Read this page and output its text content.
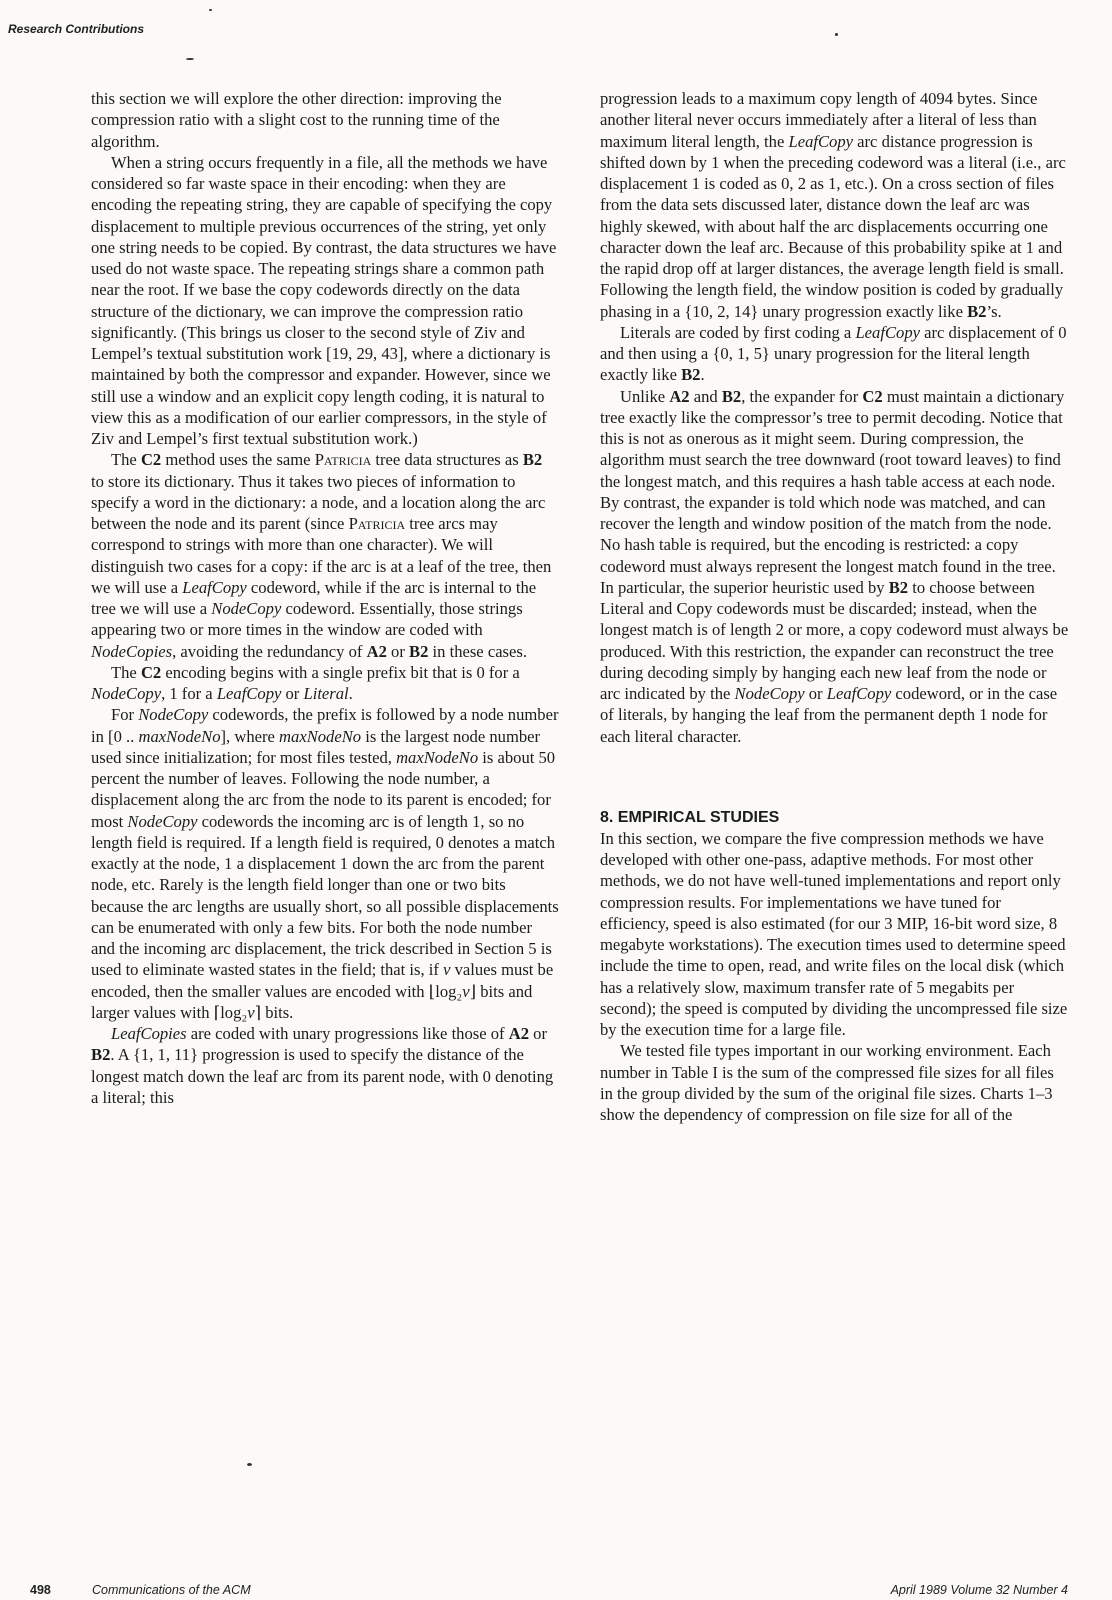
Research Contributions

this section we will explore the other direction: improving the compression ratio with a slight cost to the running time of the algorithm.

When a string occurs frequently in a file, all the methods we have considered so far waste space in their encoding: when they are encoding the repeating string, they are capable of specifying the copy displacement to multiple previous occurrences of the string, yet only one string needs to be copied. By contrast, the data structures we have used do not waste space. The repeating strings share a common path near the root. If we base the copy codewords directly on the data structure of the dictionary, we can improve the compression ratio significantly. (This brings us closer to the second style of Ziv and Lempel’s textual substitution work [19, 29, 43], where a dictionary is maintained by both the compressor and expander. However, since we still use a window and an explicit copy length coding, it is natural to view this as a modification of our earlier compressors, in the style of Ziv and Lempel’s first textual substitution work.)

The C2 method uses the same Patricia tree data structures as B2 to store its dictionary. Thus it takes two pieces of information to specify a word in the dictionary: a node, and a location along the arc between the node and its parent (since Patricia tree arcs may correspond to strings with more than one character). We will distinguish two cases for a copy: if the arc is at a leaf of the tree, then we will use a LeafCopy codeword, while if the arc is internal to the tree we will use a NodeCopy codeword. Essentially, those strings appearing two or more times in the window are coded with NodeCopies, avoiding the redundancy of A2 or B2 in these cases.

The C2 encoding begins with a single prefix bit that is 0 for a NodeCopy, 1 for a LeafCopy or Literal.

For NodeCopy codewords, the prefix is followed by a node number in [0 .. maxNodeNo], where maxNodeNo is the largest node number used since initialization; for most files tested, maxNodeNo is about 50 percent the number of leaves. Following the node number, a displacement along the arc from the node to its parent is encoded; for most NodeCopy codewords the incoming arc is of length 1, so no length field is required. If a length field is required, 0 denotes a match exactly at the node, 1 a displacement 1 down the arc from the parent node, etc. Rarely is the length field longer than one or two bits because the arc lengths are usually short, so all possible displacements can be enumerated with only a few bits. For both the node number and the incoming arc displacement, the trick described in Section 5 is used to eliminate wasted states in the field; that is, if v values must be encoded, then the smaller values are encoded with ⌊log₂v⌋ bits and larger values with ⌈log₂v⌉ bits.

LeafCopies are coded with unary progressions like those of A2 or B2. A {1, 1, 11} progression is used to specify the distance of the longest match down the leaf arc from its parent node, with 0 denoting a literal; this

progression leads to a maximum copy length of 4094 bytes. Since another literal never occurs immediately after a literal of less than maximum literal length, the LeafCopy arc distance progression is shifted down by 1 when the preceding codeword was a literal (i.e., arc displacement 1 is coded as 0, 2 as 1, etc.). On a cross section of files from the data sets discussed later, distance down the leaf arc was highly skewed, with about half the arc displacements occurring one character down the leaf arc. Because of this probability spike at 1 and the rapid drop off at larger distances, the average length field is small. Following the length field, the window position is coded by gradually phasing in a {10, 2, 14} unary progression exactly like B2’s.

Literals are coded by first coding a LeafCopy arc displacement of 0 and then using a {0, 1, 5} unary progression for the literal length exactly like B2.

Unlike A2 and B2, the expander for C2 must maintain a dictionary tree exactly like the compressor’s tree to permit decoding. Notice that this is not as onerous as it might seem. During compression, the algorithm must search the tree downward (root toward leaves) to find the longest match, and this requires a hash table access at each node. By contrast, the expander is told which node was matched, and can recover the length and window position of the match from the node. No hash table is required, but the encoding is restricted: a copy codeword must always represent the longest match found in the tree. In particular, the superior heuristic used by B2 to choose between Literal and Copy codewords must be discarded; instead, when the longest match is of length 2 or more, a copy codeword must always be produced. With this restriction, the expander can reconstruct the tree during decoding simply by hanging each new leaf from the node or arc indicated by the NodeCopy or LeafCopy codeword, or in the case of literals, by hanging the leaf from the permanent depth 1 node for each literal character.

8. EMPIRICAL STUDIES

In this section, we compare the five compression methods we have developed with other one-pass, adaptive methods. For most other methods, we do not have well-tuned implementations and report only compression results. For implementations we have tuned for efficiency, speed is also estimated (for our 3 MIP, 16-bit word size, 8 megabyte workstations). The execution times used to determine speed include the time to open, read, and write files on the local disk (which has a relatively slow, maximum transfer rate of 5 megabits per second); the speed is computed by dividing the uncompressed file size by the execution time for a large file.

We tested file types important in our working environment. Each number in Table I is the sum of the compressed file sizes for all files in the group divided by the sum of the original file sizes. Charts 1–3 show the dependency of compression on file size for all of the

498	Communications of the ACM	April 1989 Volume 32 Number 4
